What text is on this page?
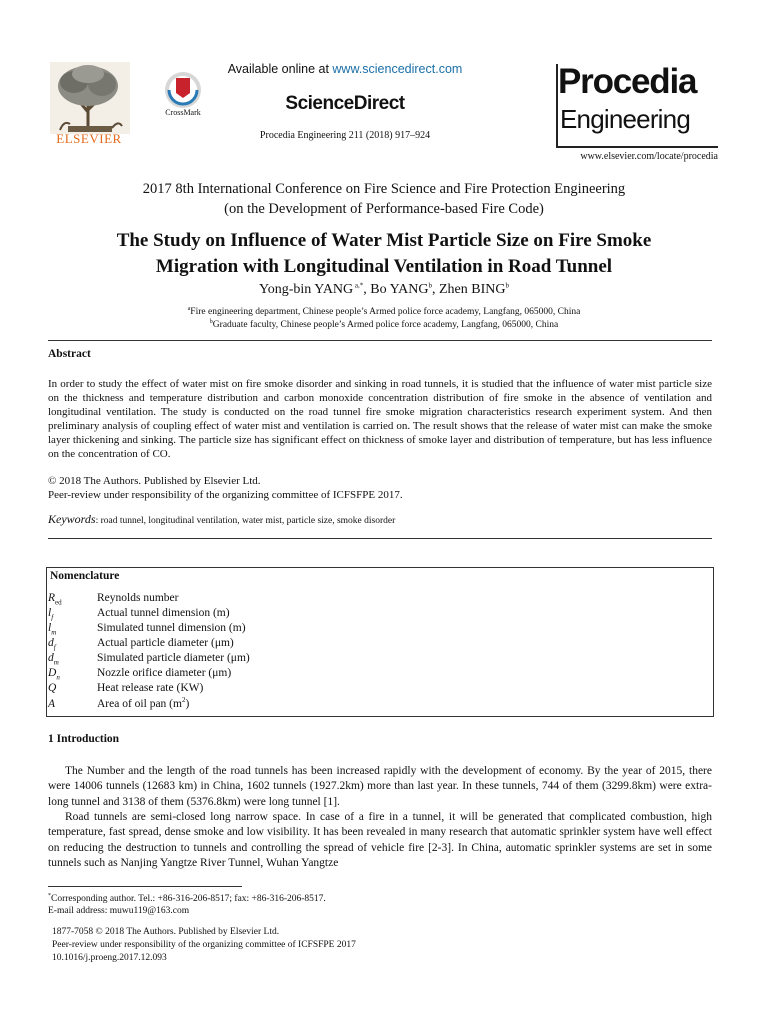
ELSEVIER
CrossMark
Available online at www.sciencedirect.com
ScienceDirect
Procedia Engineering 211 (2018) 917–924
Procedia
Engineering
www.elsevier.com/locate/procedia
2017 8th International Conference on Fire Science and Fire Protection Engineering
(on the Development of Performance-based Fire Code)
The Study on Influence of Water Mist Particle Size on Fire Smoke
Migration with Longitudinal Ventilation in Road Tunnel
Yong-bin YANG $^{a,*}$, Bo YANG$^b$, Zhen BING$^b$
$^a$Fire engineering department, Chinese people’s Armed police force academy, Langfang, 065000, China
$^b$Graduate faculty, Chinese people’s Armed police force academy, Langfang, 065000, China
Abstract
In order to study the effect of water mist on fire smoke disorder and sinking in road tunnels, it is studied that the influence of water mist particle size on the thickness and temperature distribution and carbon monoxide concentration distribution of fire smoke in the absence of ventilation and longitudinal ventilation. The study is conducted on the road tunnel fire smoke migration characteristics research experiment system. And then preliminary analysis of coupling effect of water mist and ventilation is carried on. The result shows that the release of water mist can make the smoke layer thickening and sinking. The particle size has significant effect on thickness of smoke layer and distribution of temperature, but has less influence on the concentration of CO.
© 2018 The Authors. Published by Elsevier Ltd.
Peer-review under responsibility of the organizing committee of ICFSFPE 2017.
Keywords: road tunnel, longitudinal ventilation, water mist, particle size, smoke disorder
Nomenclature
$R_{ed}$	Reynolds number
$l_f$	Actual tunnel dimension (m)
$l_m$	Simulated tunnel dimension (m)
$d_f$	Actual particle diameter (μm)
$d_m$	Simulated particle diameter (μm)
$D_n$	Nozzle orifice diameter (μm)
Q	Heat release rate (KW)
A	Area of oil pan $(m^2)$
1 Introduction
The Number and the length of the road tunnels has been increased rapidly with the development of economy. By the year of 2015, there were 14006 tunnels (12683 km) in China, 1602 tunnels (1927.2km) more than last year. In these tunnels, 744 of them (3299.8km) were extra-long tunnel and 3138 of them (5376.8km) were long tunnel [1].
Road tunnels are semi-closed long narrow space. In case of a fire in a tunnel, it will be generated that complicated combustion, high temperature, fast spread, dense smoke and low visibility. It has been revealed in many research that automatic sprinkler system have well effect on reducing the destruction to tunnels and controlling the spread of vehicle fire [2-3]. In China, automatic sprinkler systems are set in some tunnels such as Nanjing Yangtze River Tunnel, Wuhan Yangtze
*Corresponding author. Tel.: +86-316-206-8517; fax: +86-316-206-8517.
E-mail address: muwu119@163.com
1877-7058 © 2018 The Authors. Published by Elsevier Ltd.
Peer-review under responsibility of the organizing committee of ICFSFPE 2017
10.1016/j.proeng.2017.12.093
